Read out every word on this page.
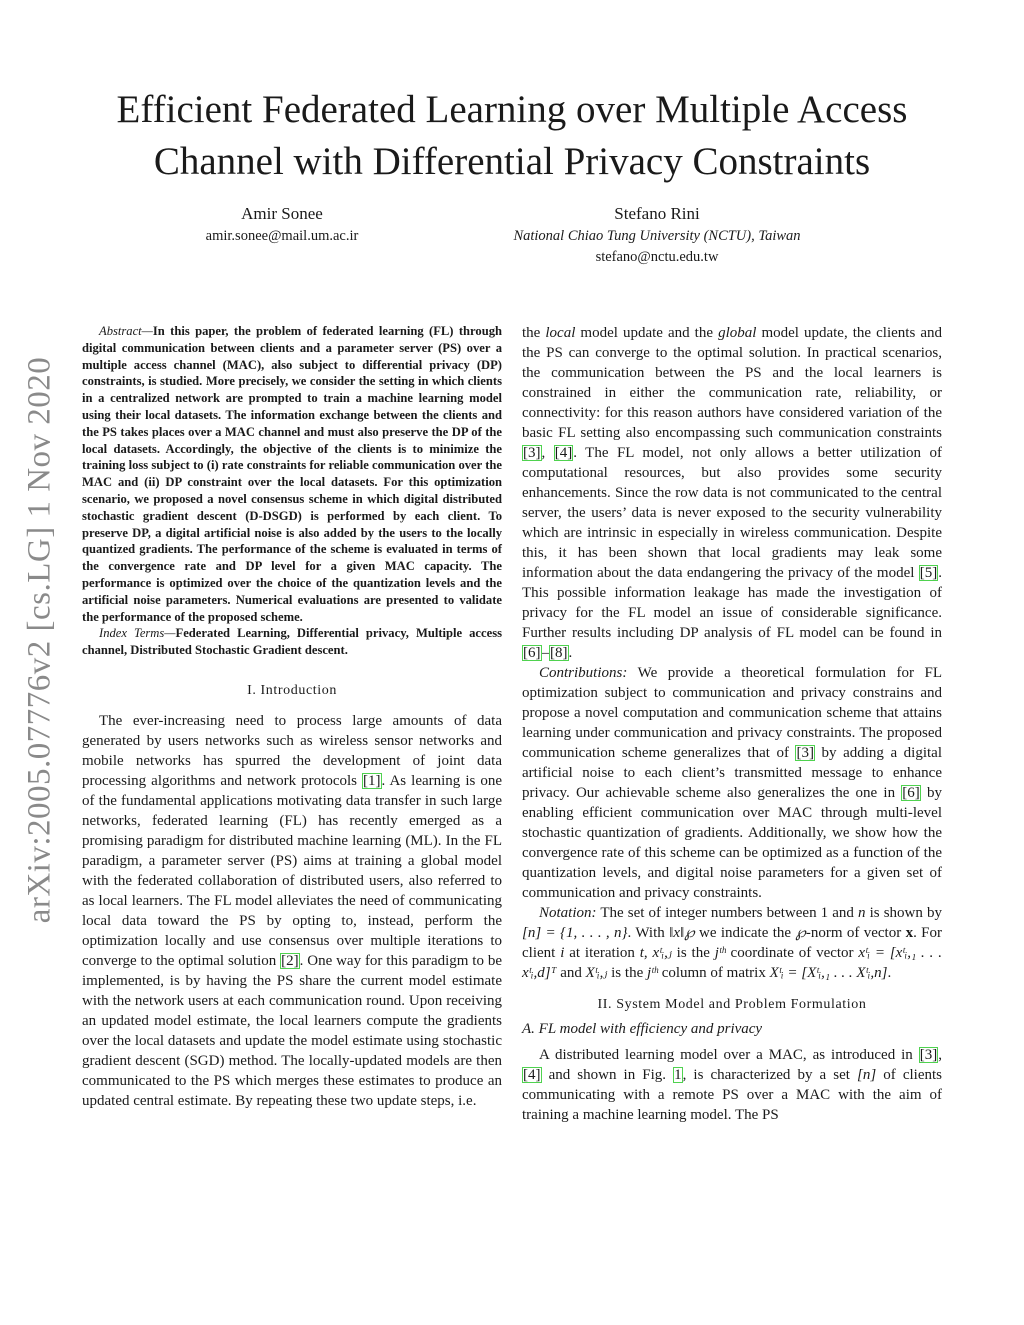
Efficient Federated Learning over Multiple Access
Channel with Differential Privacy Constraints
Amir Sonee
amir.sonee@mail.um.ac.ir
Stefano Rini
National Chiao Tung University (NCTU), Taiwan
stefano@nctu.edu.tw
arXiv:2005.07776v2 [cs.LG] 1 Nov 2020

Abstract—In this paper, the problem of federated learning (FL) through digital communication between clients and a parameter server (PS) over a multiple access channel (MAC), also subject to differential privacy (DP) constraints, is studied. More precisely, we consider the setting in which clients in a centralized network are prompted to train a machine learning model using their local datasets. The information exchange between the clients and the PS takes places over a MAC channel and must also preserve the DP of the local datasets. Accordingly, the objective of the clients is to minimize the training loss subject to (i) rate constraints for reliable communication over the MAC and (ii) DP constraint over the local datasets. For this optimization scenario, we proposed a novel consensus scheme in which digital distributed stochastic gradient descent (D-DSGD) is performed by each client. To preserve DP, a digital artificial noise is also added by the users to the locally quantized gradients. The performance of the scheme is evaluated in terms of the convergence rate and DP level for a given MAC capacity. The performance is optimized over the choice of the quantization levels and the artificial noise parameters. Numerical evaluations are presented to validate the performance of the proposed scheme.

Index Terms—Federated Learning, Differential privacy, Multiple access channel, Distributed Stochastic Gradient descent.

I. Introduction

The ever-increasing need to process large amounts of data generated by users networks such as wireless sensor networks and mobile networks has spurred the development of joint data processing algorithms and network protocols [1]. As learning is one of the fundamental applications motivating data transfer in such large networks, federated learning (FL) has recently emerged as a promising paradigm for distributed machine learning (ML). In the FL paradigm, a parameter server (PS) aims at training a global model with the federated collaboration of distributed users, also referred to as local learners. The FL model alleviates the need of communicating local data toward the PS by opting to, instead, perform the optimization locally and use consensus over multiple iterations to converge to the optimal solution [2]. One way for this paradigm to be implemented, is by having the PS share the current model estimate with the network users at each communication round. Upon receiving an updated model estimate, the local learners compute the gradients over the local datasets and update the model estimate using stochastic gradient descent (SGD) method. The locally-updated models are then communicated to the PS which merges these estimates to produce an updated central estimate. By repeating these two update steps, i.e.

the local model update and the global model update, the clients and the PS can converge to the optimal solution. In practical scenarios, the communication between the PS and the local learners is constrained in either the communication rate, reliability, or connectivity: for this reason authors have considered variation of the basic FL setting also encompassing such communication constraints [3], [4]. The FL model, not only allows a better utilization of computational resources, but also provides some security enhancements. Since the row data is not communicated to the central server, the users’ data is never exposed to the security vulnerability which are intrinsic in especially in wireless communication. Despite this, it has been shown that local gradients may leak some information about the data endangering the privacy of the model [5]. This possible information leakage has made the investigation of privacy for the FL model an issue of considerable significance. Further results including DP analysis of FL model can be found in [6]–[8].

Contributions: We provide a theoretical formulation for FL optimization subject to communication and privacy constrains and propose a novel computation and communication scheme that attains learning under communication and privacy constraints. The proposed communication scheme generalizes that of [3] by adding a digital artificial noise to each client’s transmitted message to enhance privacy. Our achievable scheme also generalizes the one in [6] by enabling efficient communication over MAC through multi-level stochastic quantization of gradients. Additionally, we show how the convergence rate of this scheme can be optimized as a function of the quantization levels, and digital noise parameters for a given set of communication and privacy constraints.

Notation: The set of integer numbers between 1 and n is shown by [n] = {1, . . . , n}. With ‖x‖℘ we indicate the ℘-norm of vector x. For client i at iteration t, xᵗᵢ,ⱼ is the jᵗʰ coordinate of vector xᵗᵢ = [xᵗᵢ,₁ . . . xᵗᵢ,d]ᵀ and Xᵗᵢ,ⱼ is the jᵗʰ column of matrix Xᵗᵢ = [Xᵗᵢ,₁ . . . Xᵗᵢ,n].

II. System Model and Problem Formulation

A. FL model with efficiency and privacy

A distributed learning model over a MAC, as introduced in [3], [4] and shown in Fig. 1, is characterized by a set [n] of clients communicating with a remote PS over a MAC with the aim of training a machine learning model. The PS
